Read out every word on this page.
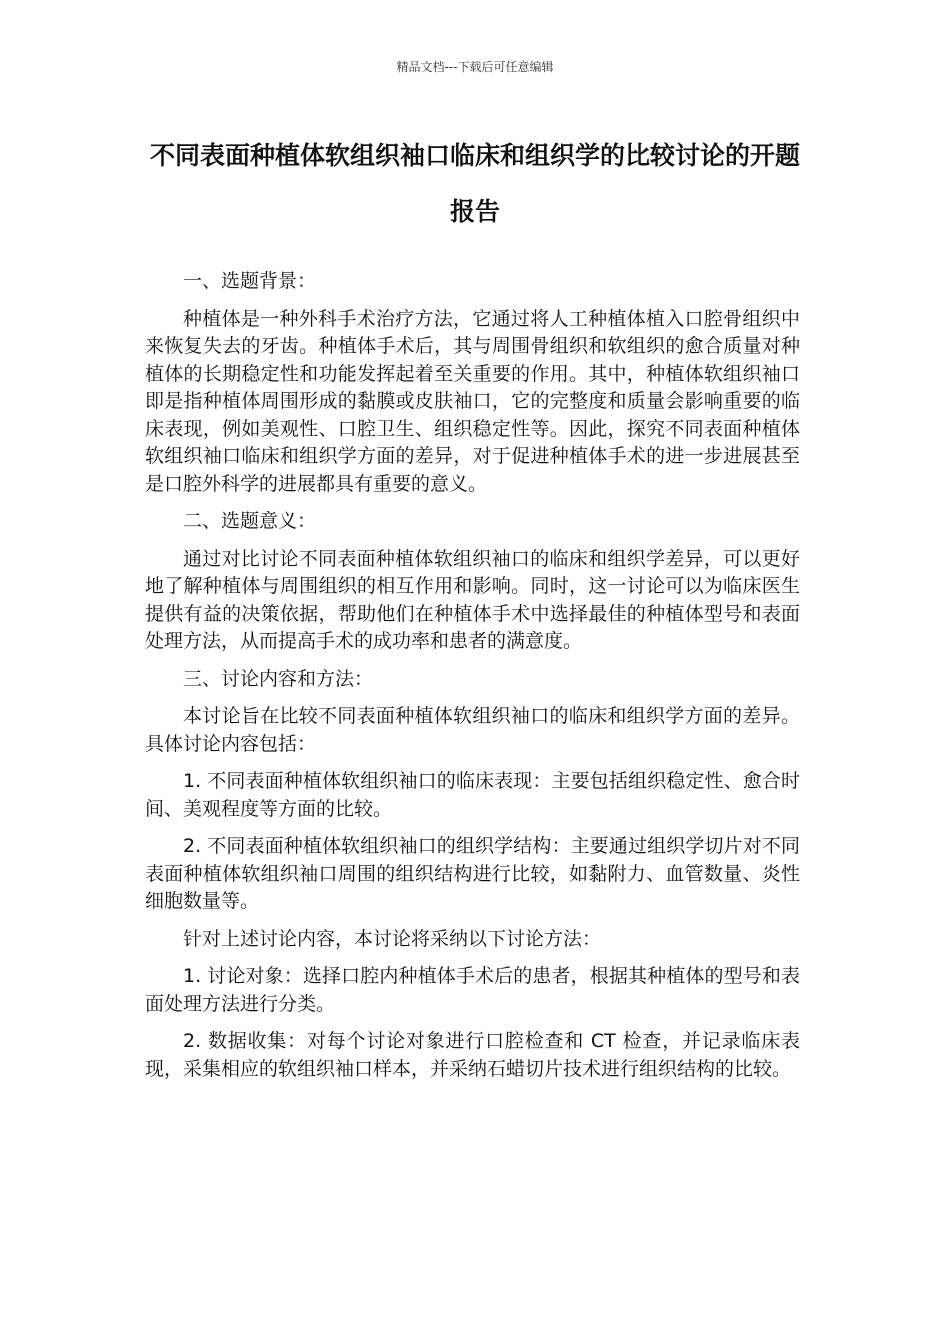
精品文档---下载后可任意编辑
不同表面种植体软组织袖口临床和组织学的比较讨论的开题报告

一、选题背景：

种植体是一种外科手术治疗方法，它通过将人工种植体植入口腔骨组织中来恢复失去的牙齿。种植体手术后，其与周围骨组织和软组织的愈合质量对种植体的长期稳定性和功能发挥起着至关重要的作用。其中，种植体软组织袖口即是指种植体周围形成的黏膜或皮肤袖口，它的完整度和质量会影响重要的临床表现，例如美观性、口腔卫生、组织稳定性等。因此，探究不同表面种植体软组织袖口临床和组织学方面的差异，对于促进种植体手术的进一步进展甚至是口腔外科学的进展都具有重要的意义。

二、选题意义：

通过对比讨论不同表面种植体软组织袖口的临床和组织学差异，可以更好地了解种植体与周围组织的相互作用和影响。同时，这一讨论可以为临床医生提供有益的决策依据，帮助他们在种植体手术中选择最佳的种植体型号和表面处理方法，从而提高手术的成功率和患者的满意度。

三、讨论内容和方法：

本讨论旨在比较不同表面种植体软组织袖口的临床和组织学方面的差异。具体讨论内容包括：

1. 不同表面种植体软组织袖口的临床表现：主要包括组织稳定性、愈合时间、美观程度等方面的比较。

2. 不同表面种植体软组织袖口的组织学结构：主要通过组织学切片对不同表面种植体软组织袖口周围的组织结构进行比较，如黏附力、血管数量、炎性细胞数量等。

针对上述讨论内容，本讨论将采纳以下讨论方法：

1. 讨论对象：选择口腔内种植体手术后的患者，根据其种植体的型号和表面处理方法进行分类。

2. 数据收集：对每个讨论对象进行口腔检查和 CT 检查，并记录临床表现，采集相应的软组织袖口样本，并采纳石蜡切片技术进行组织结构的比较。
